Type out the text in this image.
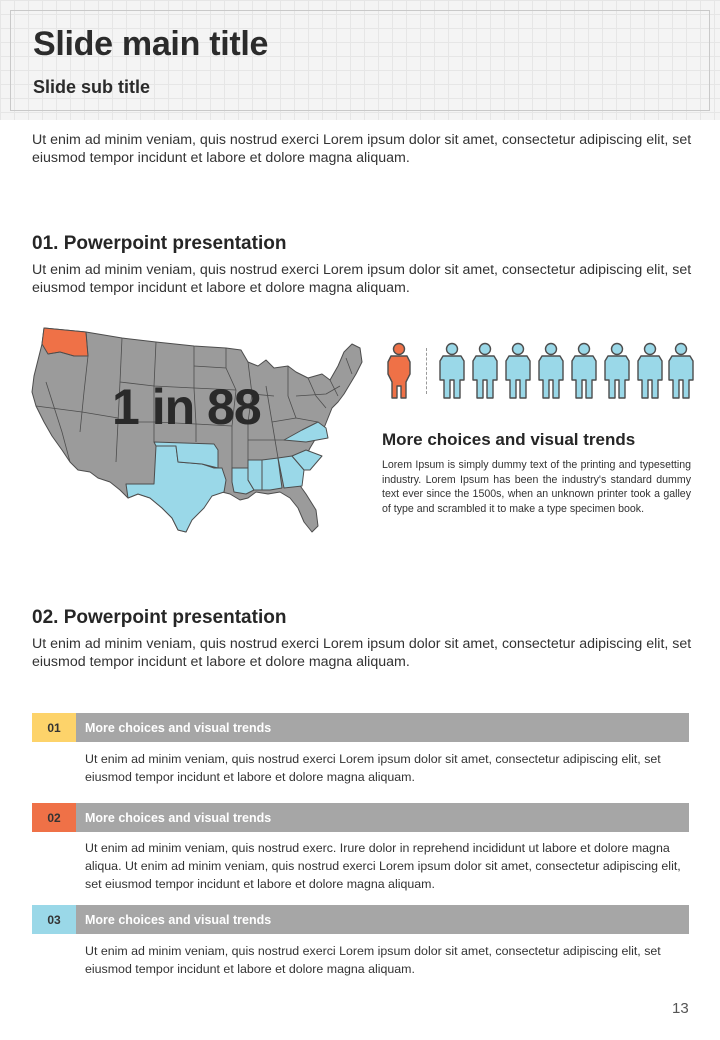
Slide main title
Slide sub title
Ut enim ad minim veniam, quis nostrud exerci Lorem ipsum dolor sit amet, consectetur adipiscing elit, set eiusmod tempor incidunt et labore et dolore magna aliquam.
01. Powerpoint presentation
Ut enim ad minim veniam, quis nostrud exerci Lorem ipsum dolor sit amet, consectetur adipiscing elit, set eiusmod tempor incidunt et labore et dolore magna aliquam.
1 in 88
More choices and visual trends
Lorem Ipsum is simply dummy text of the printing and typesetting industry. Lorem Ipsum has been the industry's standard dummy text ever since the 1500s, when an unknown printer took a galley of type and scrambled it to make a type specimen book.
02. Powerpoint presentation
Ut enim ad minim veniam, quis nostrud exerci Lorem ipsum dolor sit amet, consectetur adipiscing elit, set eiusmod tempor incidunt et labore et dolore magna aliquam.
01	More choices and visual trends
Ut enim ad minim veniam, quis nostrud exerci Lorem ipsum dolor sit amet, consectetur adipiscing elit, set eiusmod tempor incidunt et labore et dolore magna aliquam.
02	More choices and visual trends
Ut enim ad minim veniam, quis nostrud exerc. Irure dolor in reprehend incididunt ut labore et dolore magna aliqua. Ut enim ad minim veniam, quis nostrud exerci Lorem ipsum dolor sit amet, consectetur adipiscing elit, set eiusmod tempor incidunt et labore et dolore magna aliquam.
03	More choices and visual trends
Ut enim ad minim veniam, quis nostrud exerci Lorem ipsum dolor sit amet, consectetur adipiscing elit, set eiusmod tempor incidunt et labore et dolore magna aliquam.
13
